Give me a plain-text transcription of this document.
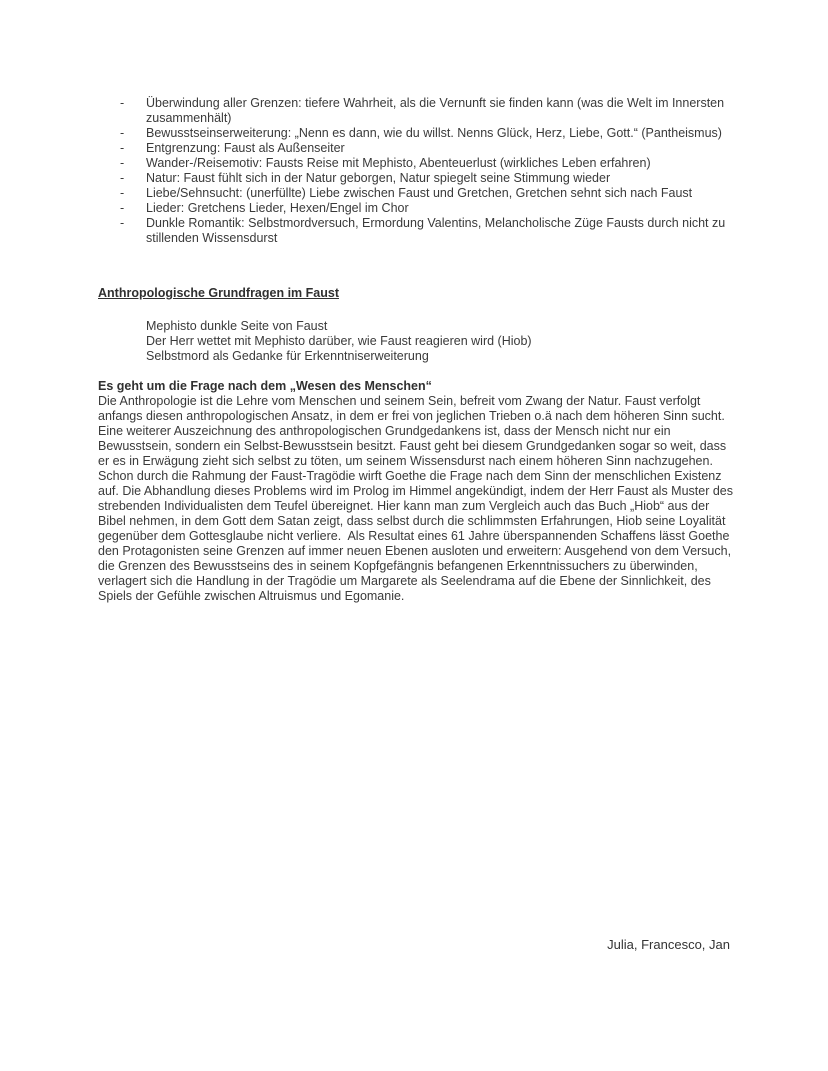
-	Überwindung aller Grenzen: tiefere Wahrheit, als die Vernunft sie finden kann (was die Welt im Innersten zusammenhält)
-	Bewusstseinserweiterung: „Nenn es dann, wie du willst. Nenns Glück, Herz, Liebe, Gott.“ (Pantheismus)
-	Entgrenzung: Faust als Außenseiter
-	Wander-/Reisemotiv: Fausts Reise mit Mephisto, Abenteuerlust (wirkliches Leben erfahren)
-	Natur: Faust fühlt sich in der Natur geborgen, Natur spiegelt seine Stimmung wieder
-	Liebe/Sehnsucht: (unerfüllte) Liebe zwischen Faust und Gretchen, Gretchen sehnt sich nach Faust
-	Lieder: Gretchens Lieder, Hexen/Engel im Chor
-	Dunkle Romantik: Selbstmordversuch, Ermordung Valentins, Melancholische Züge Fausts durch nicht zu stillenden Wissensdurst
Anthropologische Grundfragen im Faust
Mephisto dunkle Seite von Faust
Der Herr wettet mit Mephisto darüber, wie Faust reagieren wird (Hiob)
Selbstmord als Gedanke für Erkenntniserweiterung
Es geht um die Frage nach dem „Wesen des Menschen“

Die Anthropologie ist die Lehre vom Menschen und seinem Sein, befreit vom Zwang der Natur. Faust verfolgt anfangs diesen anthropologischen Ansatz, in dem er frei von jeglichen Trieben o.ä nach dem höheren Sinn sucht. Eine weiterer Auszeichnung des anthropologischen Grundgedankens ist, dass der Mensch nicht nur ein Bewusstsein, sondern ein Selbst-Bewusstsein besitzt. Faust geht bei diesem Grundgedanken sogar so weit, dass er es in Erwägung zieht sich selbst zu töten, um seinem Wissensdurst nach einem höheren Sinn nachzugehen.

Schon durch die Rahmung der Faust-Tragödie wirft Goethe die Frage nach dem Sinn der menschlichen Existenz auf. Die Abhandlung dieses Problems wird im Prolog im Himmel angekündigt, indem der Herr Faust als Muster des strebenden Individualisten dem Teufel übereignet. Hier kann man zum Vergleich auch das Buch „Hiob“ aus der Bibel nehmen, in dem Gott dem Satan zeigt, dass selbst durch die schlimmsten Erfahrungen, Hiob seine Loyalität gegenüber dem Gottesglaube nicht verliere.  Als Resultat eines 61 Jahre überspannenden Schaffens lässt Goethe den Protagonisten seine Grenzen auf immer neuen Ebenen ausloten und erweitern: Ausgehend von dem Versuch, die Grenzen des Bewusstseins des in seinem Kopfgefängnis befangenen Erkenntnissuchers zu überwinden, verlagert sich die Handlung in der Tragödie um Margarete als Seelendrama auf die Ebene der Sinnlichkeit, des Spiels der Gefühle zwischen Altruismus und Egomanie.

Julia, Francesco, Jan
